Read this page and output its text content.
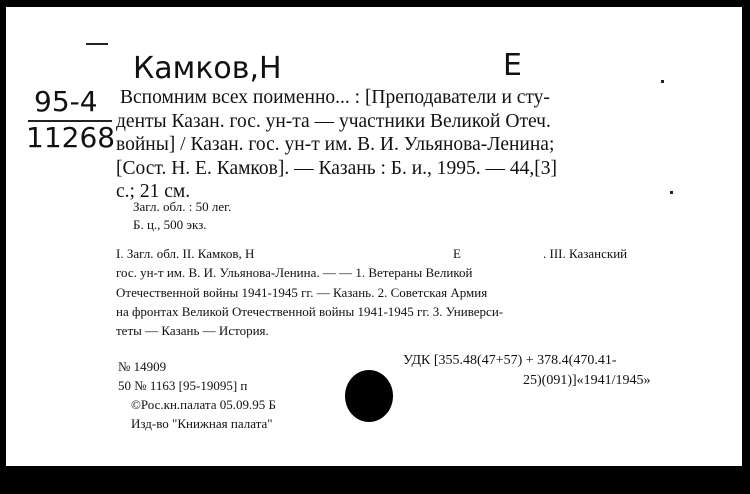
Камков,Н	Е
95-4
11268
Вспомним всех поименно... : [Преподаватели и сту-
денты Казан. гос. ун-та — участники Великой Отеч.
войны] / Казан. гос. ун-т им. В. И. Ульянова-Ленина;
[Сост. Н. Е. Камков]. — Казань : Б. и., 1995. — 44,[3]
с.; 21 см.
Загл. обл. : 50 лег.
Б. ц., 500 экз.
I. Загл. обл. II. Камков, Н	Е	. III. Казанский
гос. ун-т им. В. И. Ульянова-Ленина. — — 1. Ветераны Великой
Отечественной войны 1941-1945 гг. — Казань. 2. Советская Армия
на фронтах Великой Отечественной войны 1941-1945 гг. 3. Универси-
теты — Казань — История.
№ 14909
50 № 1163 [95-19095] п
УДК [355.48(47+57) + 378.4(470.41-
25)(091)]«1941/1945»
©Рос.кн.палата 05.09.95 Б
Изд-во "Книжная палата"
